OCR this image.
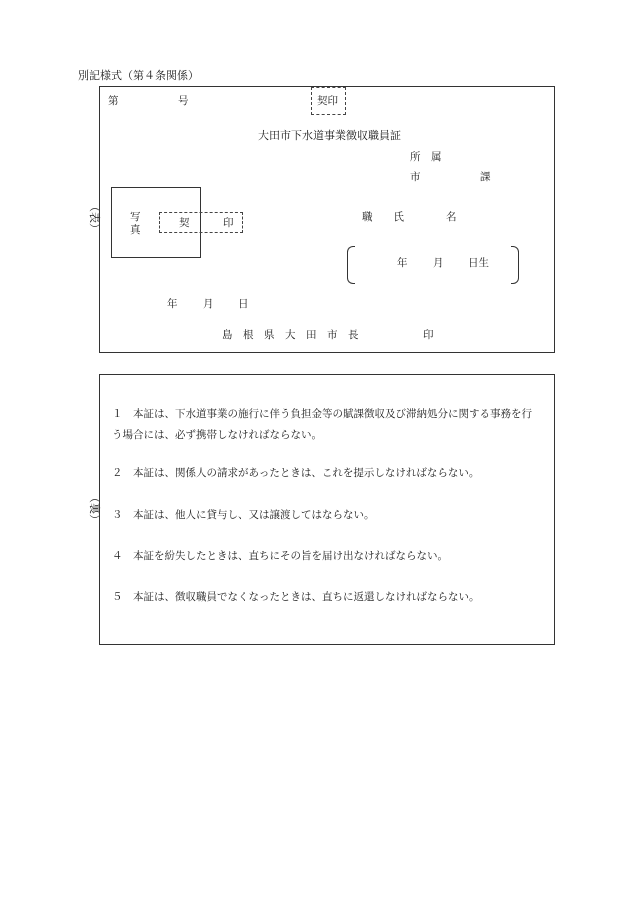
別記様式（第４条関係）
（表）
第	号	契印
大田市下水道事業徴収職員証
所　属
市	課
写
真
契	印	職　　氏　　　　名
年 月 日生
年 月 日
島　根　県　大　田　市　長	印
（裏）
１　本証は、下水道事業の施行に伴う負担金等の賦課徴収及び滞納処分に関する事務を行う場合には、必ず携帯しなければならない。
２　本証は、関係人の請求があったときは、これを提示しなければならない。
３　本証は、他人に貸与し、又は譲渡してはならない。
４　本証を紛失したときは、直ちにその旨を届け出なければならない。
５　本証は、徴収職員でなくなったときは、直ちに返還しなければならない。
